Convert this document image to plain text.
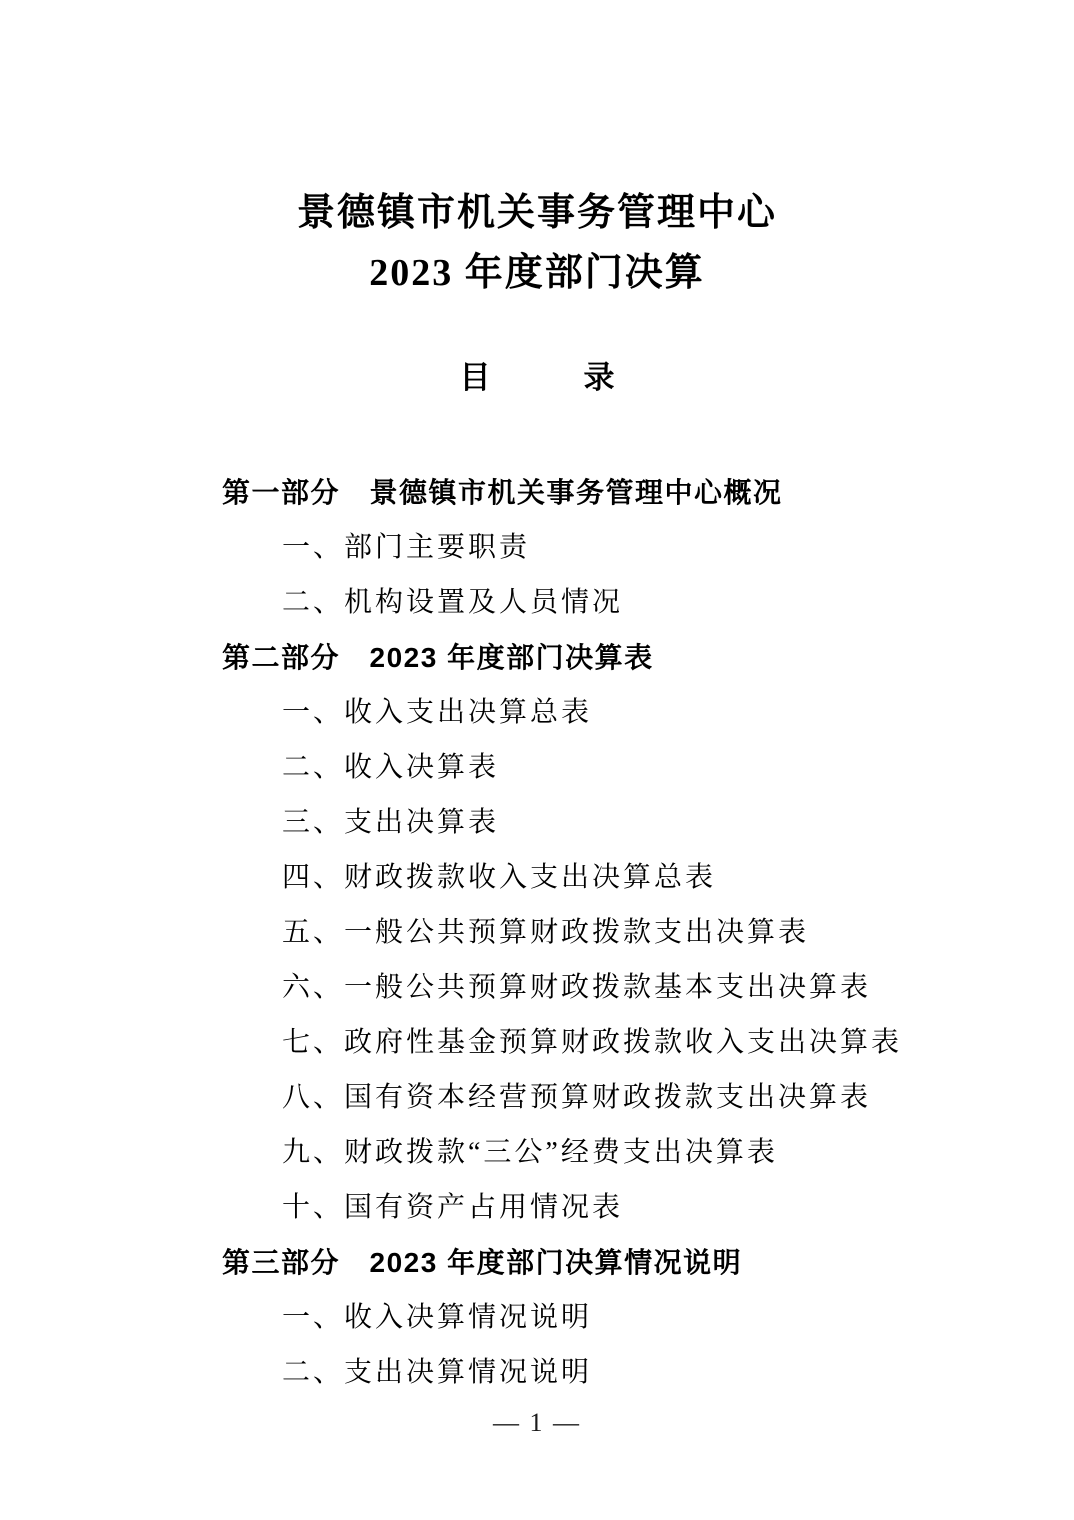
景德镇市机关事务管理中心
2023 年度部门决算
目　　　录
第一部分　景德镇市机关事务管理中心概况
一、部门主要职责
二、机构设置及人员情况
第二部分　2023 年度部门决算表
一、收入支出决算总表
二、收入决算表
三、支出决算表
四、财政拨款收入支出决算总表
五、一般公共预算财政拨款支出决算表
六、一般公共预算财政拨款基本支出决算表
七、政府性基金预算财政拨款收入支出决算表
八、国有资本经营预算财政拨款支出决算表
九、财政拨款“三公”经费支出决算表
十、国有资产占用情况表
第三部分　2023 年度部门决算情况说明
一、收入决算情况说明
二、支出决算情况说明
— 1 —
